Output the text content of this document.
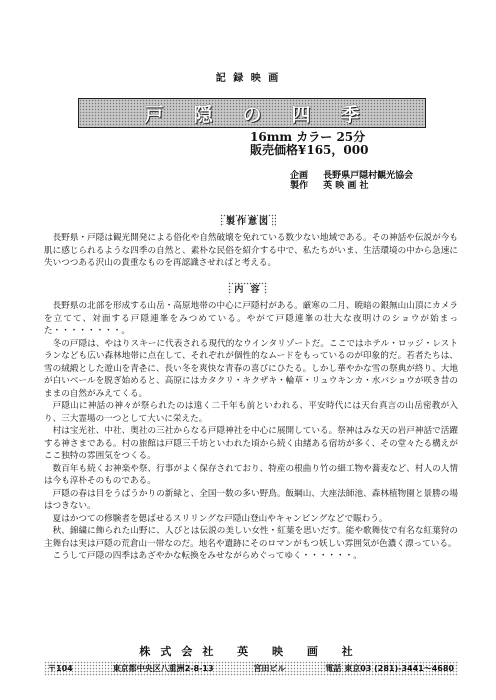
記 録 映 画
戸隠の四季
16mm カラー 25分
販売価格¥165，000
企画 長野県戸隠村観光協会
製作 英 映 画 社
製作意図

長野県・戸隠は観光開発による俗化や自然破壊を免れている数少ない地域である。その神話や伝説が今も肌に感じられるような四季の自然と、素朴な民俗を紹介する中で、私たちがいま、生活環境の中から急速に失いつつある沢山の貴重なものを再認識させればと考える。

内 容

長野県の北部を形成する山岳・高原地帯の中心に戸隠村がある。厳寒の二月、暁暗の銀無山山頂にカメラを立てて、対面する戸隠連峯をみつめている。やがて戸隠連峯の壮大な夜明けのショウが始まった・・・・・・・・。

冬の戸隠は、やはりスキーに代表される現代的なウインタリゾートだ。ここではホテル・ロッジ・レストランなども広い森林地帯に点在して、それぞれが個性的なムードをもっているのが印象的だ。若者たちは、雪の絨緞とした遊山を青춘に、長い冬を爽快な青春の喜びにひたる。しかし華やかな雪の祭典が終り、大地が白いベールを脱ぎ始めると、高原にはカタクリ・キクザキ・輪草・リュウキンカ・水バショウが咲き昔のままの自然がみえてくる。

戸隠山に神話の神々が祭られたのは遠く二千年も前といわれる、平安時代には天台真言の山岳密教が入り、三大霊場の一つとして大いに栄えた。

村は宝光社、中社、奥社の三社からなる戸隠神社を中心に展開している。祭神はみな天の岩戸神話で活躍する神さまである。村の旅館は戸隠三千坊といわれた頃から続く由緒ある宿坊が多く、その堂々たる構えがここ独特の雰囲気をつくる。

数百年も続くお神楽や祭、行事がよく保存されており、特産の根曲り竹の細工物や蕎麦など、村人の人情は今も淳朴そのものである。

戸隠の春は目をうばうかりの新緑と、全国一数の多い野鳥。飯綱山、大座法師池、森林植物園と景勝の場はつきない。

夏はかつての修験者を偲ばせるスリリングな戸隠山登山やキャンピングなどで賑わう。

秋、錦繍に飾られた山野に、人びとは伝説の美しい女性・紅葉を思いだす。能や歌舞伎で有名な紅葉狩の主舞台は実は戸隠の荒倉山一帯なのだ。地名や遺跡にそのロマンがもつ妖しい雰囲気が色濃く漂っている。

こうして戸隠の四季はあざやかな転換をみせながらめぐってゆく・・・・・・。

株式会社 英 映 画 社
〒104	東京都中央区八重洲2-8-13	宮田ビル	電話 東京03 (281)-3441～4680
